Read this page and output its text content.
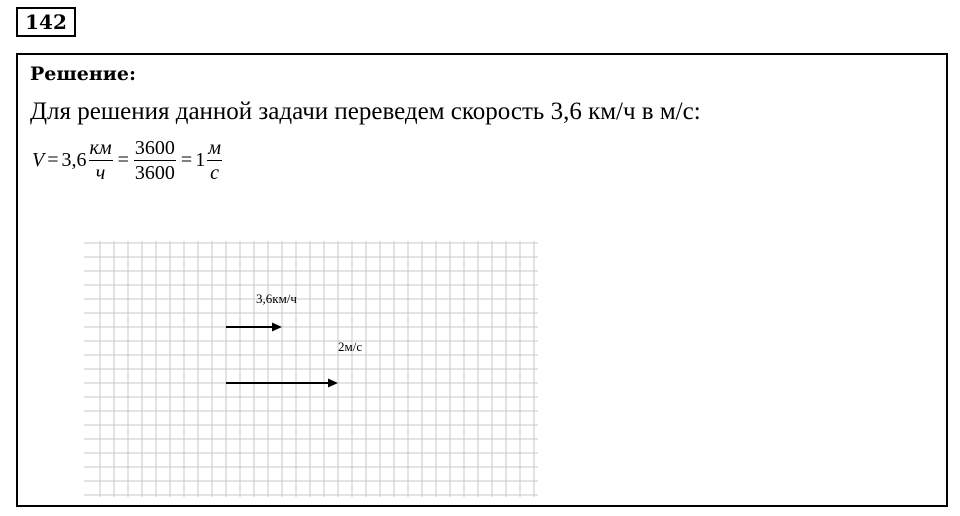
142
Решение:
Для решения данной задачи переведем скорость 3,6 км/ч в м/с:
$V = 3,6 \frac{км}{ч} = \frac{3600}{3600} = 1 \frac{м}{с}$
3,6км/ч
2м/с
